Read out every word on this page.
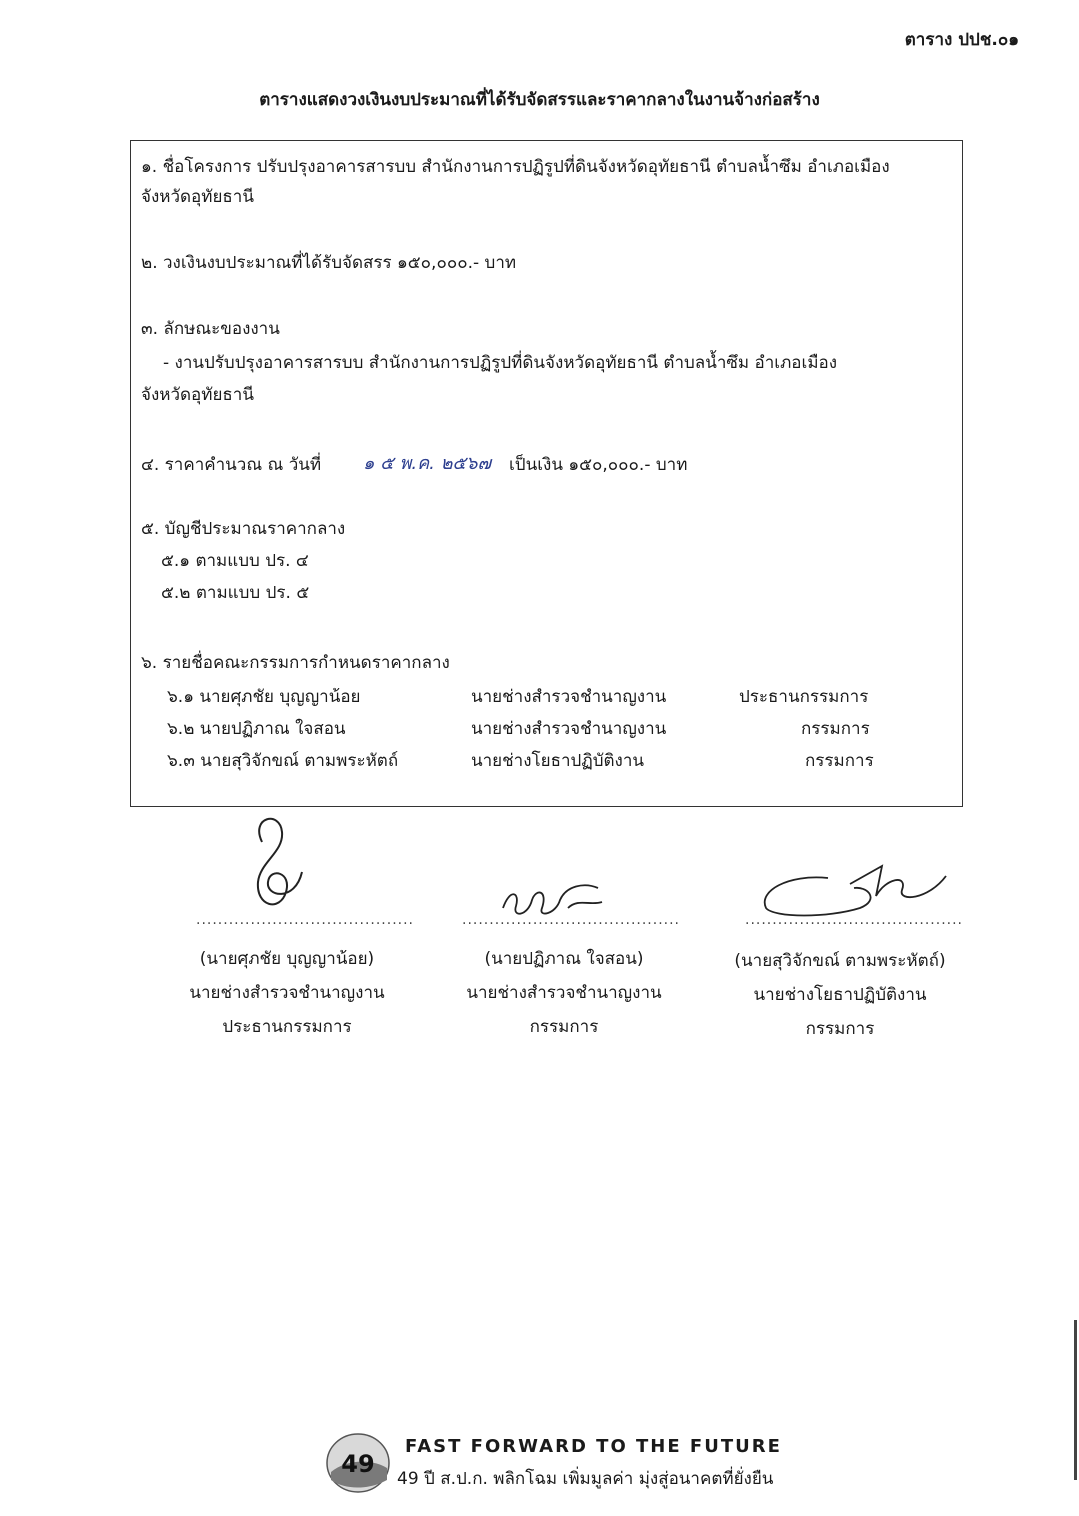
ตาราง ปปช.๐๑
ตารางแสดงวงเงินงบประมาณที่ได้รับจัดสรรและราคากลางในงานจ้างก่อสร้าง
๑. ชื่อโครงการ ปรับปรุงอาคารสารบบ สำนักงานการปฏิรูปที่ดินจังหวัดอุทัยธานี ตำบลน้ำซึม อำเภอเมือง
จังหวัดอุทัยธานี
๒. วงเงินงบประมาณที่ได้รับจัดสรร ๑๕๐,๐๐๐.- บาท
๓. ลักษณะของงาน
- งานปรับปรุงอาคารสารบบ สำนักงานการปฏิรูปที่ดินจังหวัดอุทัยธานี ตำบลน้ำซึม อำเภอเมือง
จังหวัดอุทัยธานี
๔. ราคาคำนวณ ณ วันที่ ๑ ๕ พ.ค. ๒๕๖๗ เป็นเงิน ๑๕๐,๐๐๐.- บาท
๕. บัญชีประมาณราคากลาง
๕.๑ ตามแบบ ปร. ๔
๕.๒ ตามแบบ ปร. ๕
๖. รายชื่อคณะกรรมการกำหนดราคากลาง
๖.๑ นายศุภชัย บุญญาน้อย	นายช่างสำรวจชำนาญงาน	ประธานกรรมการ
๖.๒ นายปฏิภาณ ใจสอน	นายช่างสำรวจชำนาญงาน	กรรมการ
๖.๓ นายสุวิจักขณ์ ตามพระหัตถ์	นายช่างโยธาปฏิบัติงาน	กรรมการ
........................................	........................................	........................................
(นายศุภชัย บุญญาน้อย)
นายช่างสำรวจชำนาญงาน
ประธานกรรมการ
(นายปฏิภาณ ใจสอน)
นายช่างสำรวจชำนาญงาน
กรรมการ
(นายสุวิจักขณ์ ตามพระหัตถ์)
นายช่างโยธาปฏิบัติงาน
กรรมการ
49
FAST FORWARD TO THE FUTURE
49 ปี ส.ป.ก. พลิกโฉม เพิ่มมูลค่า มุ่งสู่อนาคตที่ยั่งยืน
